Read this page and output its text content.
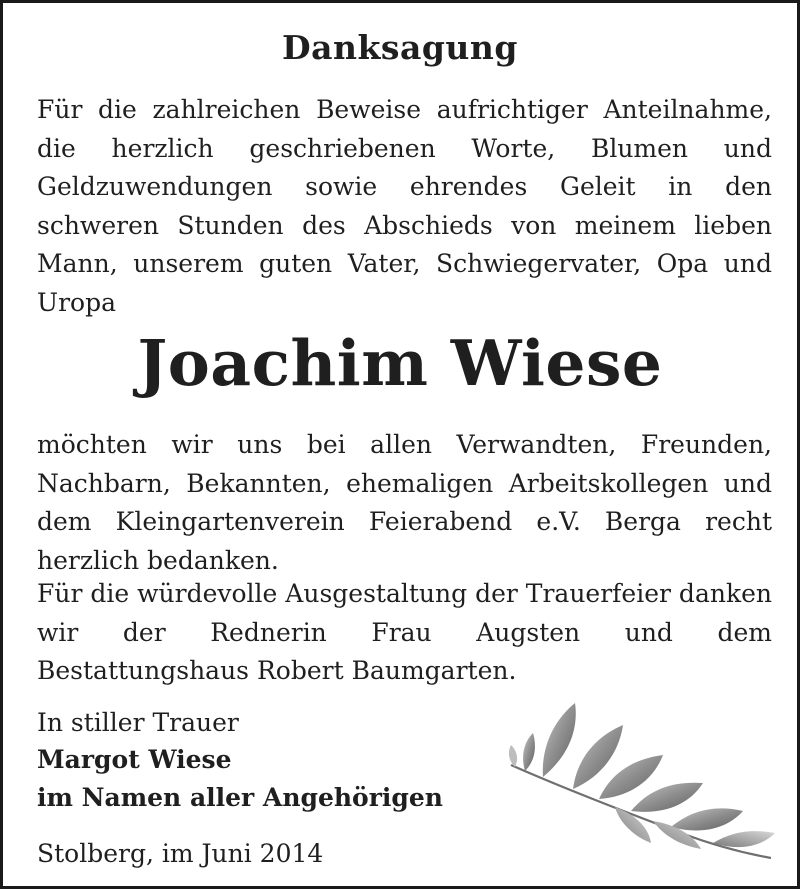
Danksagung
Für die zahlreichen Beweise aufrichtiger Anteilnahme, die herzlich geschriebenen Worte, Blumen und Geldzuwendungen sowie ehrendes Geleit in den schweren Stunden des Abschieds von meinem lieben Mann, unserem guten Vater, Schwiegervater, Opa und Uropa
Joachim Wiese
möchten wir uns bei allen Verwandten, Freunden, Nachbarn, Bekannten, ehemaligen Arbeitskollegen und dem Kleingartenverein Feierabend e.V. Berga recht herzlich bedanken.
Für die würdevolle Ausgestaltung der Trauerfeier danken wir der Rednerin Frau Augsten und dem Bestattungshaus Robert Baumgarten.
In stiller Trauer
Margot Wiese
im Namen aller Angehörigen
Stolberg, im Juni 2014
